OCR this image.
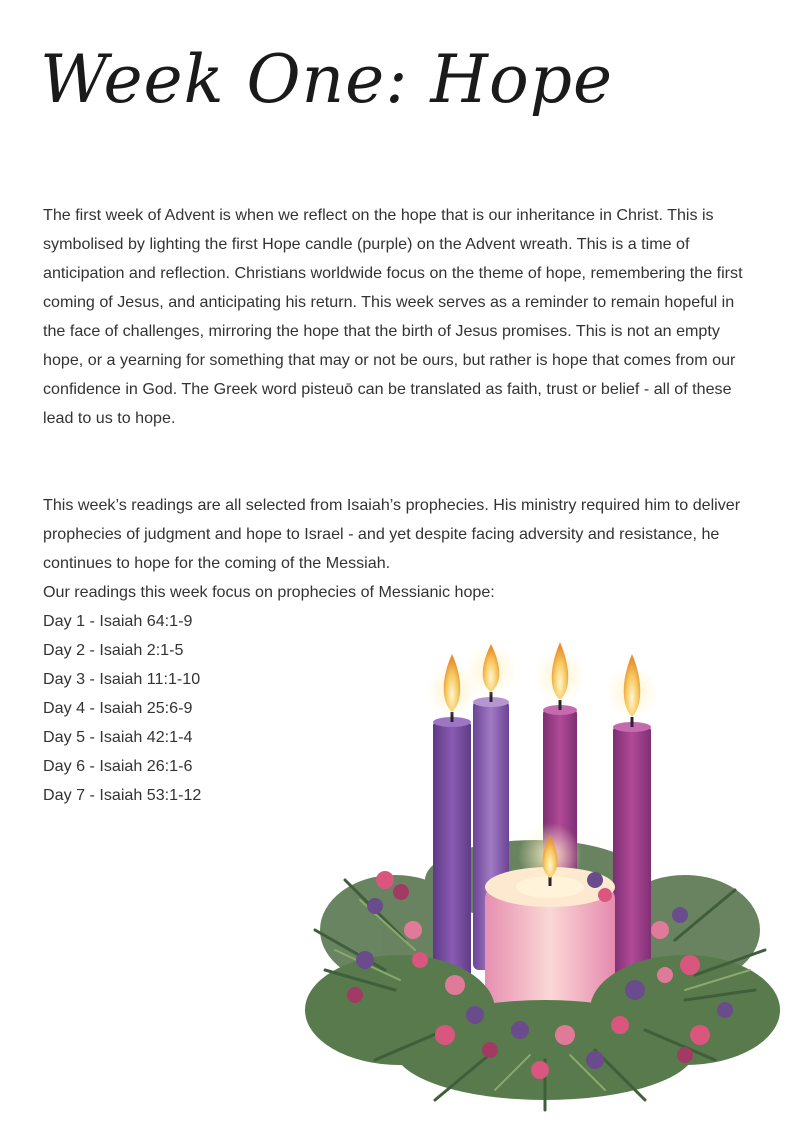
Week One: Hope

The first week of Advent is when we reflect on the hope that is our inheritance in Christ. This is symbolised by lighting the first Hope candle (purple) on the Advent wreath. This is a time of anticipation and reflection. Christians worldwide focus on the theme of hope, remembering the first coming of Jesus, and anticipating his return. This week serves as a reminder to remain hopeful in the face of challenges, mirroring the hope that the birth of Jesus promises. This is not an empty hope, or a yearning for something that may or not be ours, but rather is hope that comes from our confidence in God. The Greek word pisteuō can be translated as faith, trust or belief - all of these lead to us to hope.

This week’s readings are all selected from Isaiah’s prophecies. His ministry required him to deliver prophecies of judgment and hope to Israel - and yet despite facing adversity and resistance, he continues to hope for the coming of the Messiah.

Our readings this week focus on prophecies of Messianic hope:

Day 1 - Isaiah 64:1-9
Day 2 - Isaiah 2:1-5
Day 3 - Isaiah 11:1-10
Day 4 - Isaiah 25:6-9
Day 5 - Isaiah 42:1-4
Day 6 - Isaiah 26:1-6
Day 7 - Isaiah 53:1-12
